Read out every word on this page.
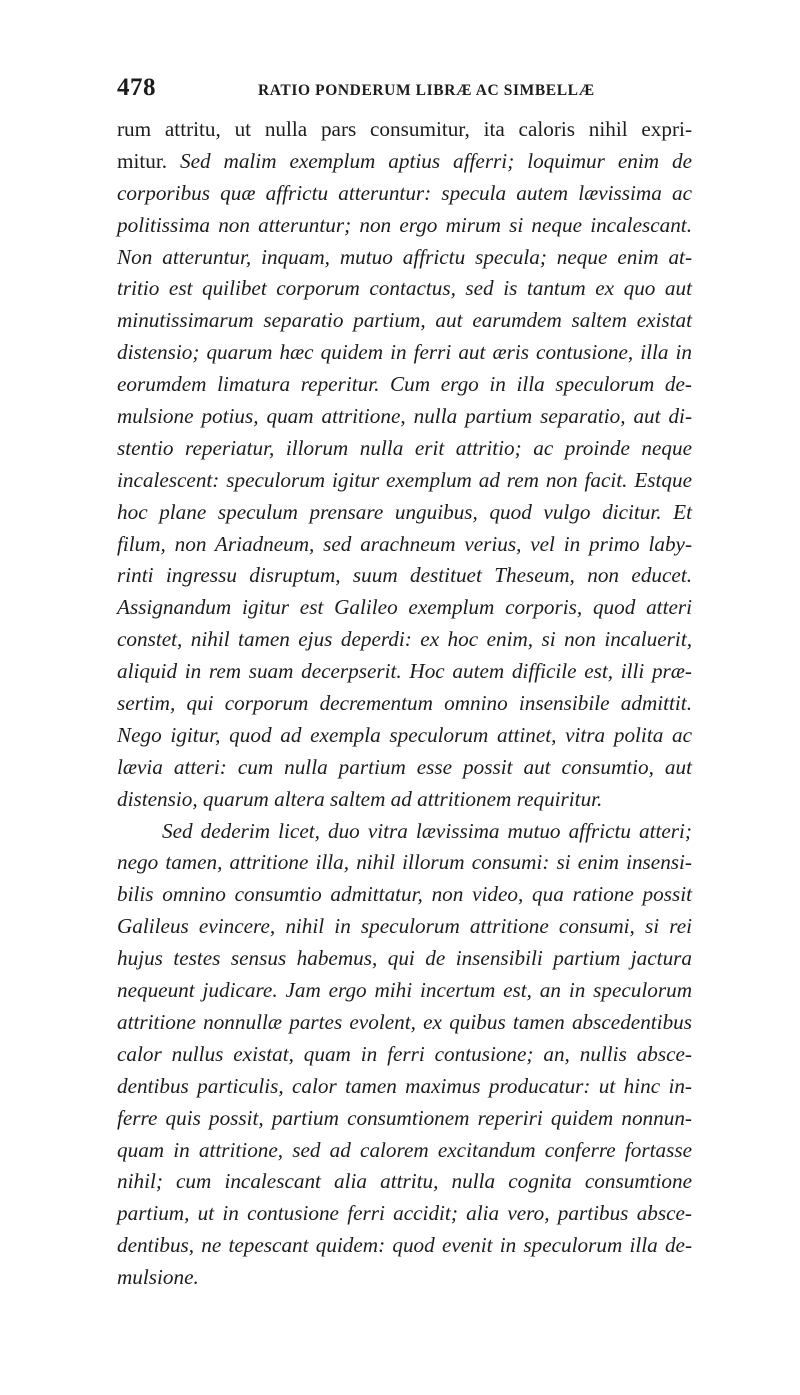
478	RATIO PONDERUM LIBRÆ AC SIMBELLÆ
rum attritu, ut nulla pars consumitur, ita caloris nihil expri-
mitur. Sed malim exemplum aptius afferri; loquimur enim de
corporibus quæ affrictu atteruntur: specula autem lævissima ac
politissima non atteruntur; non ergo mirum si neque incalescant.
Non atteruntur, inquam, mutuo affrictu specula; neque enim at-
tritio est quilibet corporum contactus, sed is tantum ex quo aut
minutissimarum separatio partium, aut earumdem saltem existat
distensio; quarum hæc quidem in ferri aut æris contusione, illa in
eorumdem limatura reperitur. Cum ergo in illa speculorum de-
mulsione potius, quam attritione, nulla partium separatio, aut di-
stentio reperiatur, illorum nulla erit attritio; ac proinde neque
incalescent: speculorum igitur exemplum ad rem non facit. Estque
hoc plane speculum prensare unguibus, quod vulgo dicitur. Et
filum, non Ariadneum, sed arachneum verius, vel in primo laby-
rinti ingressu disruptum, suum destituet Theseum, non educet.
Assignandum igitur est Galileo exemplum corporis, quod atteri
constet, nihil tamen ejus deperdi: ex hoc enim, si non incaluerit,
aliquid in rem suam decerpserit. Hoc autem difficile est, illi præ-
sertim, qui corporum decrementum omnino insensibile admittit.
Nego igitur, quod ad exempla speculorum attinet, vitra polita ac
lævia atteri: cum nulla partium esse possit aut consumtio, aut
distensio, quarum altera saltem ad attritionem requiritur.
Sed dederim licet, duo vitra lævissima mutuo affrictu atteri;
nego tamen, attritione illa, nihil illorum consumi: si enim insensi-
bilis omnino consumtio admittatur, non video, qua ratione possit
Galileus evincere, nihil in speculorum attritione consumi, si rei
hujus testes sensus habemus, qui de insensibili partium jactura
nequeunt judicare. Jam ergo mihi incertum est, an in speculorum
attritione nonnullæ partes evolent, ex quibus tamen abscedentibus
calor nullus existat, quam in ferri contusione; an, nullis absce-
dentibus particulis, calor tamen maximus producatur: ut hinc in-
ferre quis possit, partium consumtionem reperiri quidem nonnun-
quam in attritione, sed ad calorem excitandum conferre fortasse
nihil; cum incalescant alia attritu, nulla cognita consumtione
partium, ut in contusione ferri accidit; alia vero, partibus absce-
dentibus, ne tepescant quidem: quod evenit in speculorum illa de-
mulsione.
